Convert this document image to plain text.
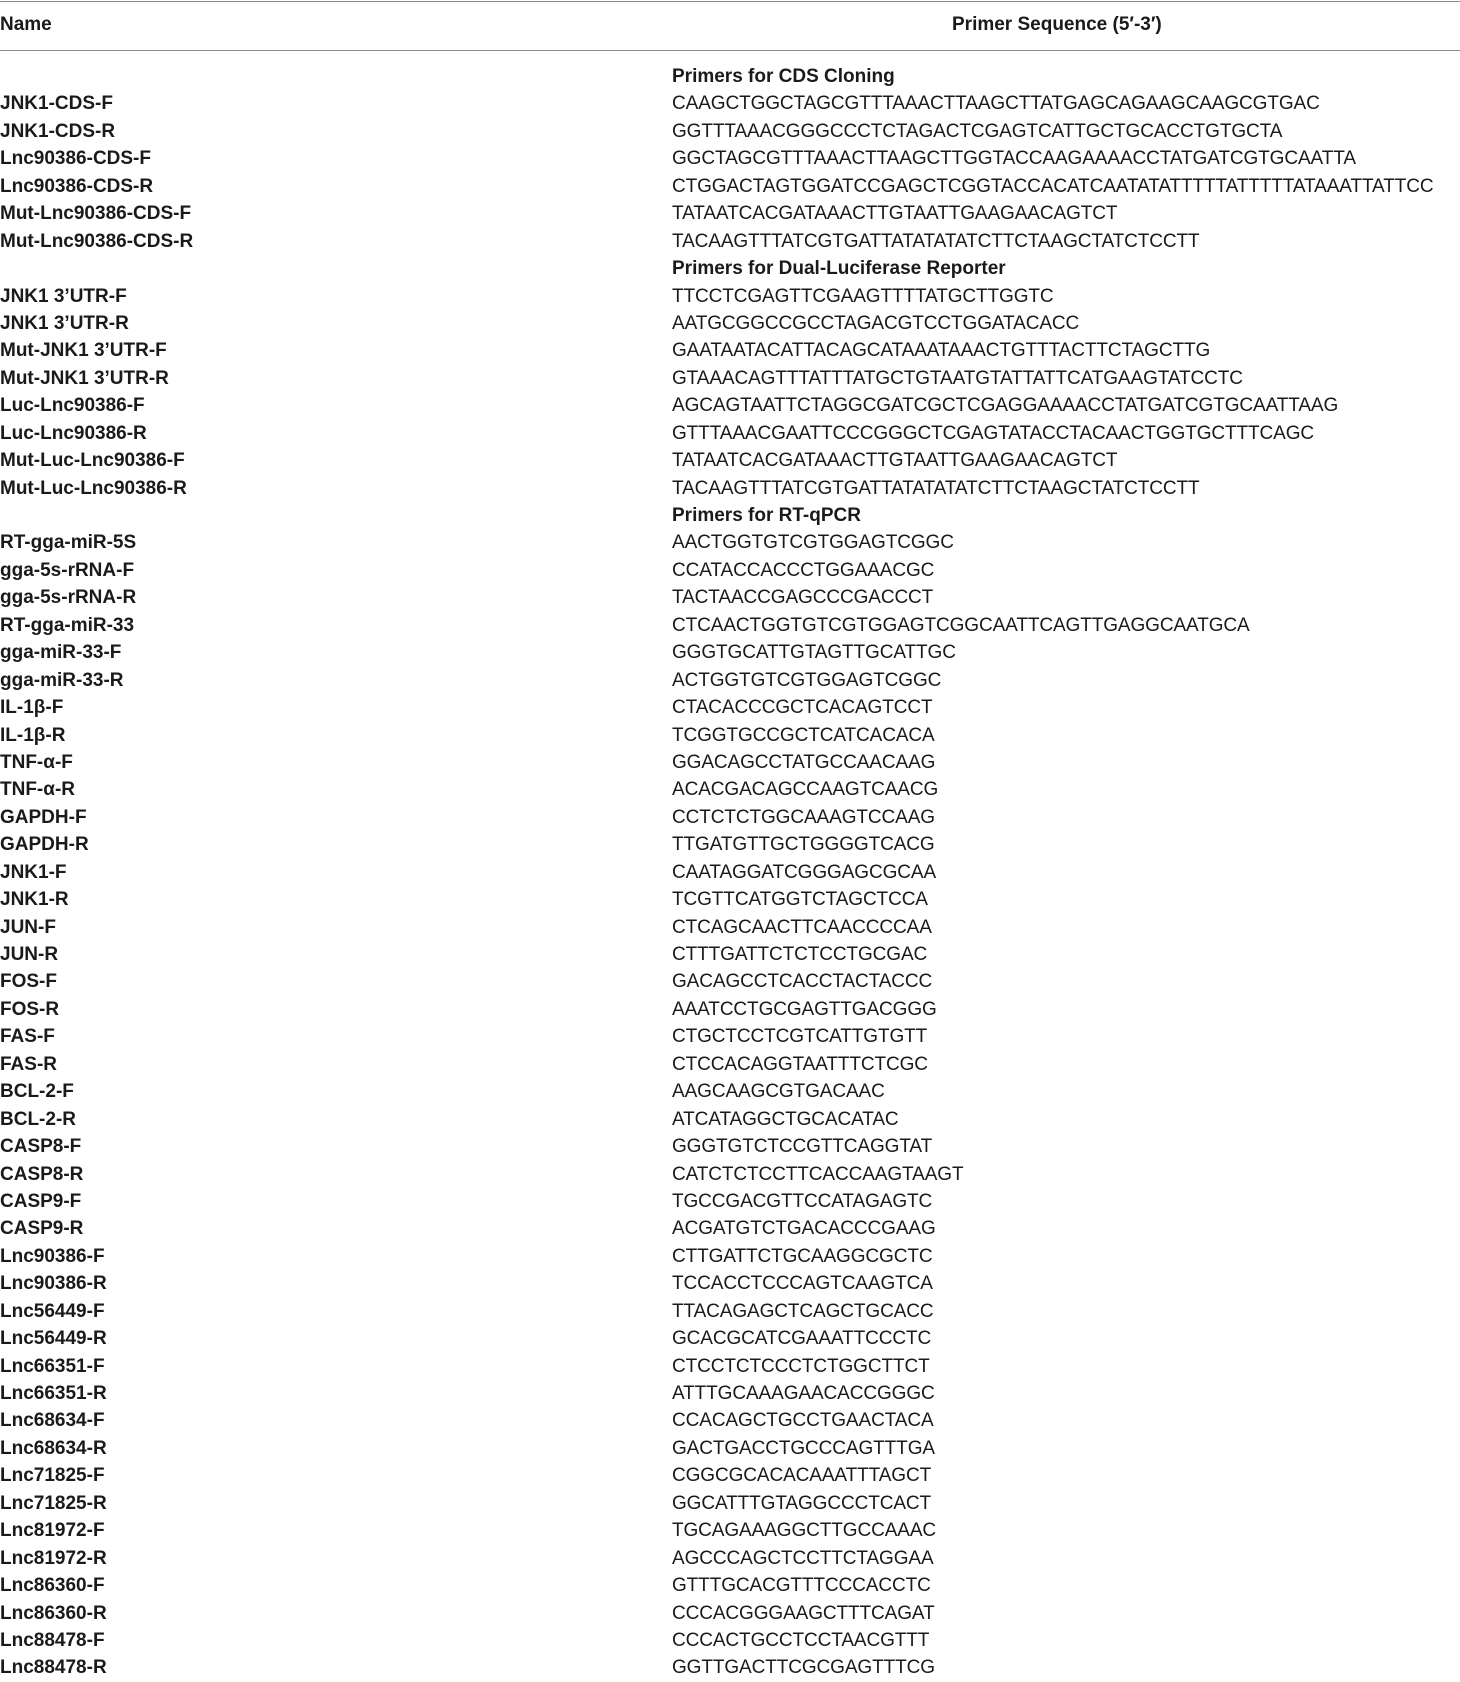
Name	Primer Sequence (5′-3′)
Primers for CDS Cloning
JNK1-CDS-F	CAAGCTGGCTAGCGTTTAAACTTAAGCTTATGAGCAGAAGCAAGCGTGAC
JNK1-CDS-R	GGTTTAAACGGGCCCTCTAGACTCGAGTCATTGCTGCACCTGTGCTA
Lnc90386-CDS-F	GGCTAGCGTTTAAACTTAAGCTTGGTACCAAGAAAACCTATGATCGTGCAATTA
Lnc90386-CDS-R	CTGGACTAGTGGATCCGAGCTCGGTACCACATCAATATATTTTTATTTTTATAAATTATTCC
Mut-Lnc90386-CDS-F	TATAATCACGATAAACTTGTAATTGAAGAACAGTCT
Mut-Lnc90386-CDS-R	TACAAGTTTATCGTGATTATATATATCTTCTAAGCTATCTCCTT
Primers for Dual-Luciferase Reporter
JNK1 3’UTR-F	TTCCTCGAGTTCGAAGTTTTATGCTTGGTC
JNK1 3’UTR-R	AATGCGGCCGCCTAGACGTCCTGGATACACC
Mut-JNK1 3’UTR-F	GAATAATACATTACAGCATAAATAAACTGTTTACTTCTAGCTTG
Mut-JNK1 3’UTR-R	GTAAACAGTTTATTTATGCTGTAATGTATTATTCATGAAGTATCCTC
Luc-Lnc90386-F	AGCAGTAATTCTAGGCGATCGCTCGAGGAAAACCTATGATCGTGCAATTAAG
Luc-Lnc90386-R	GTTTAAACGAATTCCCGGGCTCGAGTATACCTACAACTGGTGCTTTCAGC
Mut-Luc-Lnc90386-F	TATAATCACGATAAACTTGTAATTGAAGAACAGTCT
Mut-Luc-Lnc90386-R	TACAAGTTTATCGTGATTATATATATCTTCTAAGCTATCTCCTT
Primers for RT-qPCR
RT-gga-miR-5S	AACTGGTGTCGTGGAGTCGGC
gga-5s-rRNA-F	CCATACCACCCTGGAAACGC
gga-5s-rRNA-R	TACTAACCGAGCCCGACCCT
RT-gga-miR-33	CTCAACTGGTGTCGTGGAGTCGGCAATTCAGTTGAGGCAATGCA
gga-miR-33-F	GGGTGCATTGTAGTTGCATTGC
gga-miR-33-R	ACTGGTGTCGTGGAGTCGGC
IL-1β-F	CTACACCCGCTCACAGTCCT
IL-1β-R	TCGGTGCCGCTCATCACACA
TNF-α-F	GGACAGCCTATGCCAACAAG
TNF-α-R	ACACGACAGCCAAGTCAACG
GAPDH-F	CCTCTCTGGCAAAGTCCAAG
GAPDH-R	TTGATGTTGCTGGGGTCACG
JNK1-F	CAATAGGATCGGGAGCGCAA
JNK1-R	TCGTTCATGGTCTAGCTCCA
JUN-F	CTCAGCAACTTCAACCCCAA
JUN-R	CTTTGATTCTCTCCTGCGAC
FOS-F	GACAGCCTCACCTACTACCC
FOS-R	AAATCCTGCGAGTTGACGGG
FAS-F	CTGCTCCTCGTCATTGTGTT
FAS-R	CTCCACAGGTAATTTCTCGC
BCL-2-F	AAGCAAGCGTGACAAC
BCL-2-R	ATCATAGGCTGCACATAC
CASP8-F	GGGTGTCTCCGTTCAGGTAT
CASP8-R	CATCTCTCCTTCACCAAGTAAGT
CASP9-F	TGCCGACGTTCCATAGAGTC
CASP9-R	ACGATGTCTGACACCCGAAG
Lnc90386-F	CTTGATTCTGCAAGGCGCTC
Lnc90386-R	TCCACCTCCCAGTCAAGTCA
Lnc56449-F	TTACAGAGCTCAGCTGCACC
Lnc56449-R	GCACGCATCGAAATTCCCTC
Lnc66351-F	CTCCTCTCCCTCTGGCTTCT
Lnc66351-R	ATTTGCAAAGAACACCGGGC
Lnc68634-F	CCACAGCTGCCTGAACTACA
Lnc68634-R	GACTGACCTGCCCAGTTTGA
Lnc71825-F	CGGCGCACACAAATTTAGCT
Lnc71825-R	GGCATTTGTAGGCCCTCACT
Lnc81972-F	TGCAGAAAGGCTTGCCAAAC
Lnc81972-R	AGCCCAGCTCCTTCTAGGAA
Lnc86360-F	GTTTGCACGTTTCCCACCTC
Lnc86360-R	CCCACGGGAAGCTTTCAGAT
Lnc88478-F	CCCACTGCCTCCTAACGTTT
Lnc88478-R	GGTTGACTTCGCGAGTTTCG
